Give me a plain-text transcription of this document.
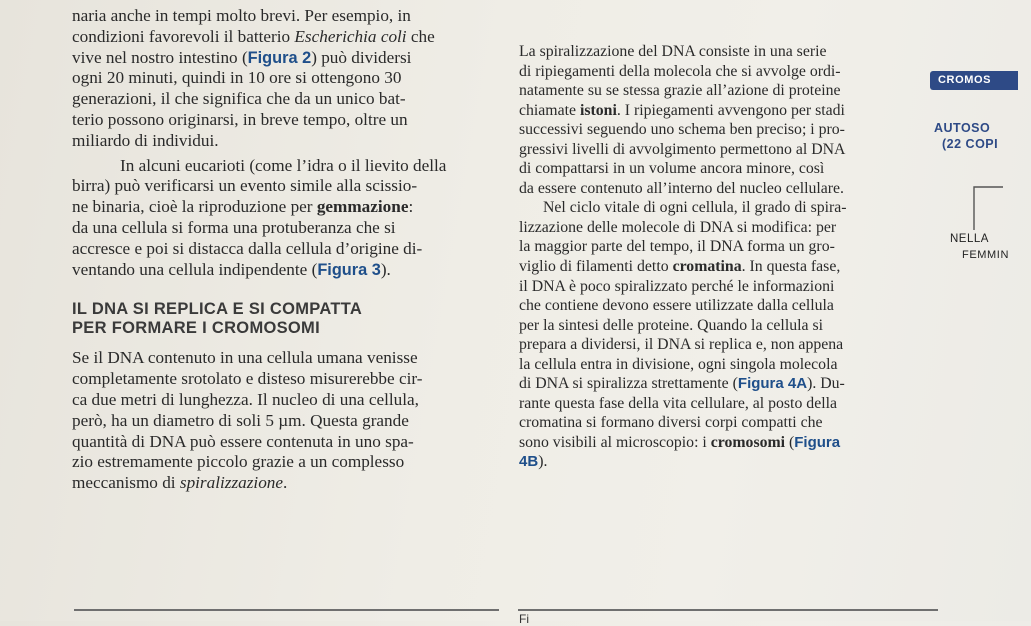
naria anche in tempi molto brevi. Per esempio, in

condizioni favorevoli il batterio Escherichia coli che

vive nel nostro intestino (Figura 2) può dividersi

ogni 20 minuti, quindi in 10 ore si ottengono 30

generazioni, il che significa che da un unico bat-

terio possono originarsi, in breve tempo, oltre un

miliardo di individui.

In alcuni eucarioti (come l’idra o il lievito della

birra) può verificarsi un evento simile alla scissio-

ne binaria, cioè la riproduzione per gemmazione:

da una cellula si forma una protuberanza che si

accresce e poi si distacca dalla cellula d’origine di-

ventando una cellula indipendente (Figura 3).

IL DNA SI REPLICA E SI COMPATTA
PER FORMARE I CROMOSOMI

Se il DNA contenuto in una cellula umana venisse

completamente srotolato e disteso misurerebbe cir-

ca due metri di lunghezza. Il nucleo di una cellula,

però, ha un diametro di soli 5 µm. Questa grande

quantità di DNA può essere contenuta in uno spa-

zio estremamente piccolo grazie a un complesso

meccanismo di spiralizzazione.

La spiralizzazione del DNA consiste in una serie

di ripiegamenti della molecola che si avvolge ordi-

natamente su se stessa grazie all’azione di proteine

chiamate istoni. I ripiegamenti avvengono per stadi

successivi seguendo uno schema ben preciso; i pro-

gressivi livelli di avvolgimento permettono al DNA

di compattarsi in un volume ancora minore, così

da essere contenuto all’interno del nucleo cellulare.

Nel ciclo vitale di ogni cellula, il grado di spira-

lizzazione delle molecole di DNA si modifica: per

la maggior parte del tempo, il DNA forma un gro-

viglio di filamenti detto cromatina. In questa fase,

il DNA è poco spiralizzato perché le informazioni

che contiene devono essere utilizzate dalla cellula

per la sintesi delle proteine. Quando la cellula si

prepara a dividersi, il DNA si replica e, non appena

la cellula entra in divisione, ogni singola molecola

di DNA si spiralizza strettamente (Figura 4A). Du-

rante questa fase della vita cellulare, al posto della

cromatina si formano diversi corpi compatti che

sono visibili al microscopio: i cromosomi (Figura

4B).

CROMOS
AUTOSO
(22 COPI
NELLA
FEMMIN
Fi
